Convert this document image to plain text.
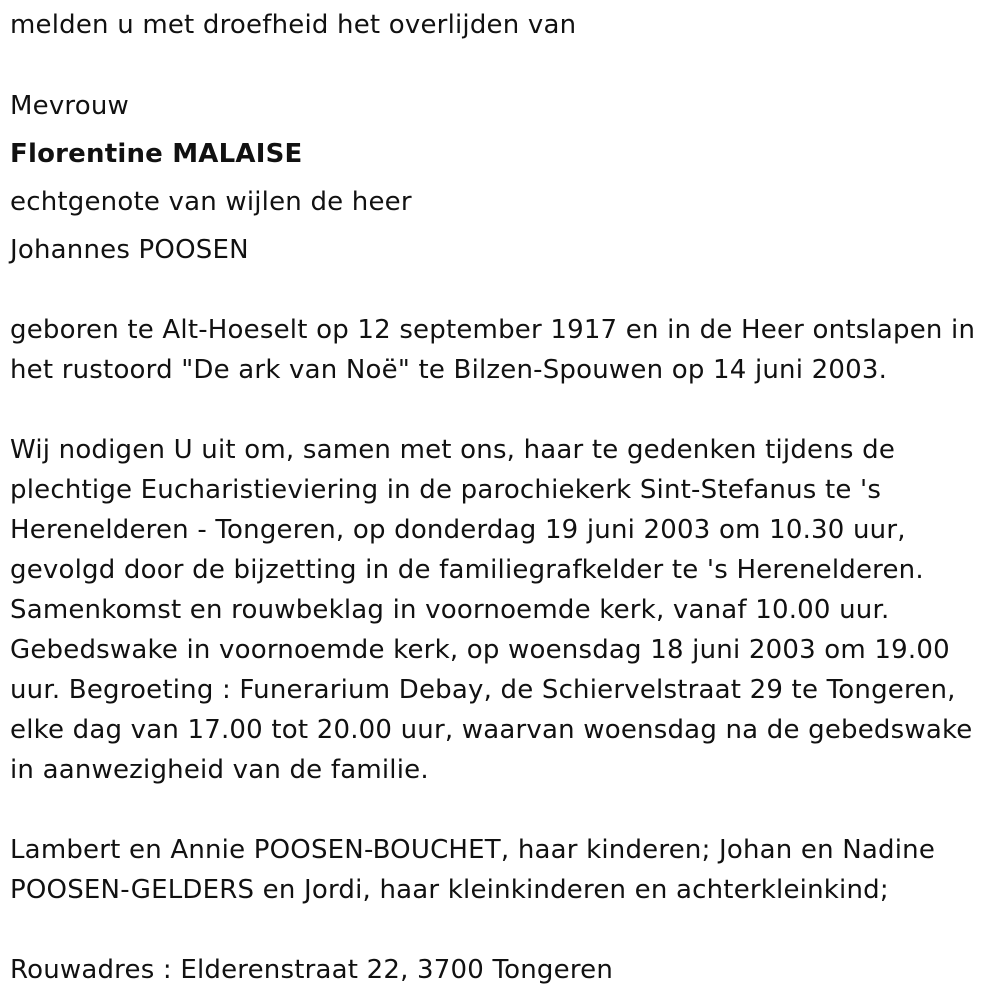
melden u met droefheid het overlijden van
Mevrouw
Florentine MALAISE
echtgenote van wijlen de heer
Johannes POOSEN
geboren te Alt-Hoeselt op 12 september 1917 en in de Heer ontslapen in
het rustoord "De ark van Noë" te Bilzen-Spouwen op 14 juni 2003.
Wij nodigen U uit om, samen met ons, haar te gedenken tijdens de
plechtige Eucharistieviering in de parochiekerk Sint-Stefanus te 's
Herenelderen - Tongeren, op donderdag 19 juni 2003 om 10.30 uur,
gevolgd door de bijzetting in de familiegrafkelder te 's Herenelderen.
Samenkomst en rouwbeklag in voornoemde kerk, vanaf 10.00 uur.
Gebedswake in voornoemde kerk, op woensdag 18 juni 2003 om 19.00
uur. Begroeting : Funerarium Debay, de Schiervelstraat 29 te Tongeren,
elke dag van 17.00 tot 20.00 uur, waarvan woensdag na de gebedswake
in aanwezigheid van de familie.
Lambert en Annie POOSEN-BOUCHET, haar kinderen; Johan en Nadine
POOSEN-GELDERS en Jordi, haar kleinkinderen en achterkleinkind;
Rouwadres : Elderenstraat 22, 3700 Tongeren
